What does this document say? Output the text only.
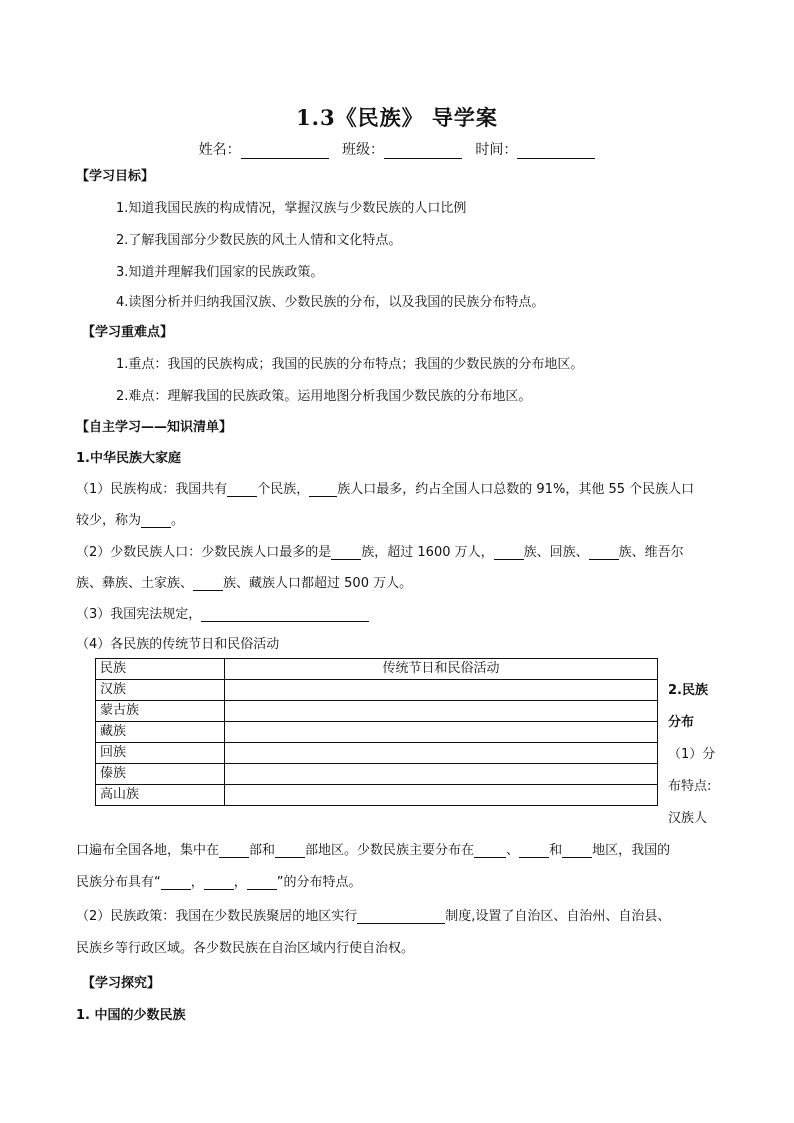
1.3《民族》 导学案
姓名：	班级：	时间：
【学习目标】
1.知道我国民族的构成情况，掌握汉族与少数民族的人口比例
2.了解我国部分少数民族的风土人情和文化特点。
3.知道并理解我们国家的民族政策。
4.读图分析并归纳我国汉族、少数民族的分布，以及我国的民族分布特点。
【学习重难点】
1.重点：我国的民族构成；我国的民族的分布特点；我国的少数民族的分布地区。
2.难点：理解我国的民族政策。运用地图分析我国少数民族的分布地区。
【自主学习——知识清单】
1.中华民族大家庭
（1）民族构成：我国共有 个民族， 族人口最多，约占全国人口总数的 91%，其他 55 个民族人口
较少，称为 。
（2）少数民族人口：少数民族人口最多的是 族，超过 1600 万人， 族、回族、 族、维吾尔
族、彝族、土家族、 族、藏族人口都超过 500 万人。
（3）我国宪法规定，
（4）各民族的传统节日和民俗活动
民族	传统节日和民俗活动
汉族	
蒙古族	
藏族	
回族	
傣族	
高山族	
2.民族
分布
（1）分
布特点:
汉族人
口遍布全国各地，集中在 部和 部地区。少数民族主要分布在 、 和 地区，我国的
民族分布具有“ ， ， ”的分布特点。
（2）民族政策：我国在少数民族聚居的地区实行	制度,设置了自治区、自治州、自治县、
民族乡等行政区域。各少数民族在自治区域内行使自治权。
【学习探究】
1. 中国的少数民族
